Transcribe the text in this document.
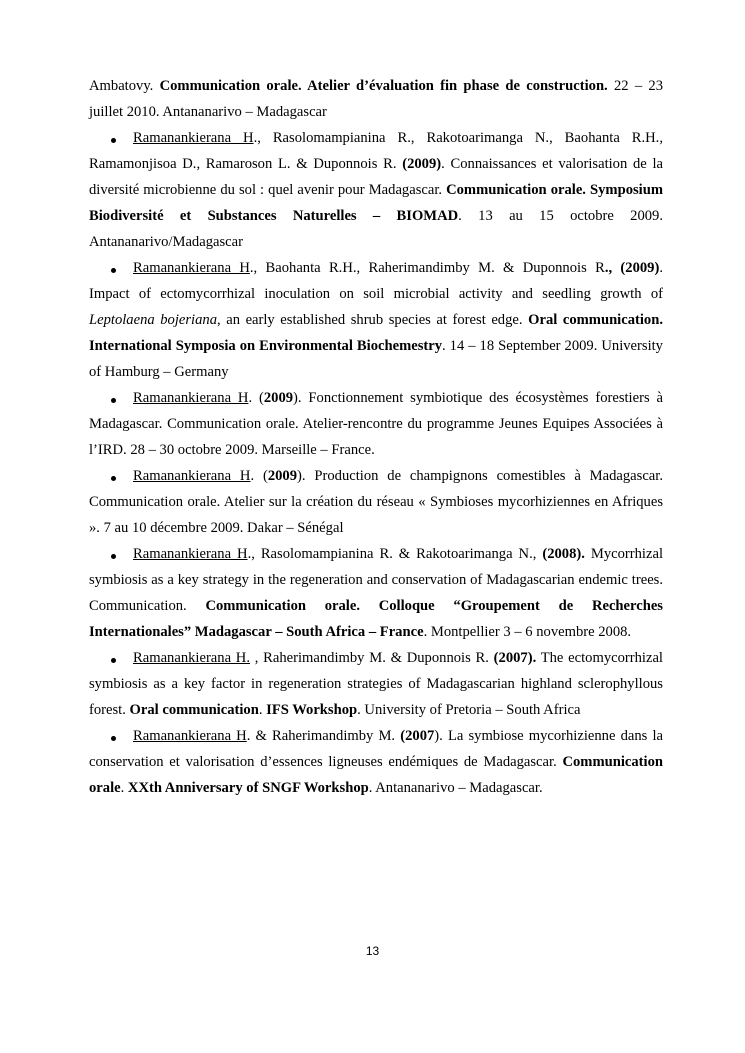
Ambatovy. Communication orale. Atelier d’évaluation fin phase de construction. 22 – 23 juillet 2010. Antananarivo – Madagascar

Ramanankierana H., Rasolomampianina R., Rakotoarimanga N., Baohanta R.H., Ramamonjisoa D., Ramaroson L. & Duponnois R. (2009). Connaissances et valorisation de la diversité microbienne du sol : quel avenir pour Madagascar. Communication orale. Symposium Biodiversité et Substances Naturelles – BIOMAD. 13 au 15 octobre 2009. Antananarivo/Madagascar

Ramanankierana H., Baohanta R.H., Raherimandimby M. & Duponnois R., (2009). Impact of ectomycorrhizal inoculation on soil microbial activity and seedling growth of Leptolaena bojeriana, an early established shrub species at forest edge. Oral communication. International Symposia on Environmental Biochemestry. 14 – 18 September 2009. University of Hamburg – Germany

Ramanankierana H. (2009). Fonctionnement symbiotique des écosystèmes forestiers à Madagascar. Communication orale. Atelier-rencontre du programme Jeunes Equipes Associées à l’IRD. 28 – 30 octobre 2009. Marseille – France.

Ramanankierana H. (2009). Production de champignons comestibles à Madagascar. Communication orale. Atelier sur la création du réseau « Symbioses mycorhiziennes en Afriques ». 7 au 10 décembre 2009. Dakar – Sénégal

Ramanankierana H., Rasolomampianina R. & Rakotoarimanga N., (2008). Mycorrhizal symbiosis as a key strategy in the regeneration and conservation of Madagascarian endemic trees. Communication. Communication orale. Colloque “Groupement de Recherches Internationales” Madagascar – South Africa – France. Montpellier 3 – 6 novembre 2008.

Ramanankierana H. , Raherimandimby M. & Duponnois R. (2007). The ectomycorrhizal symbiosis as a key factor in regeneration strategies of Madagascarian highland sclerophyllous forest. Oral communication. IFS Workshop. University of Pretoria – South Africa

Ramanankierana H. & Raherimandimby M. (2007). La symbiose mycorhizienne dans la conservation et valorisation d’essences ligneuses endémiques de Madagascar. Communication orale. XXth Anniversary of SNGF Workshop. Antananarivo – Madagascar.

13
